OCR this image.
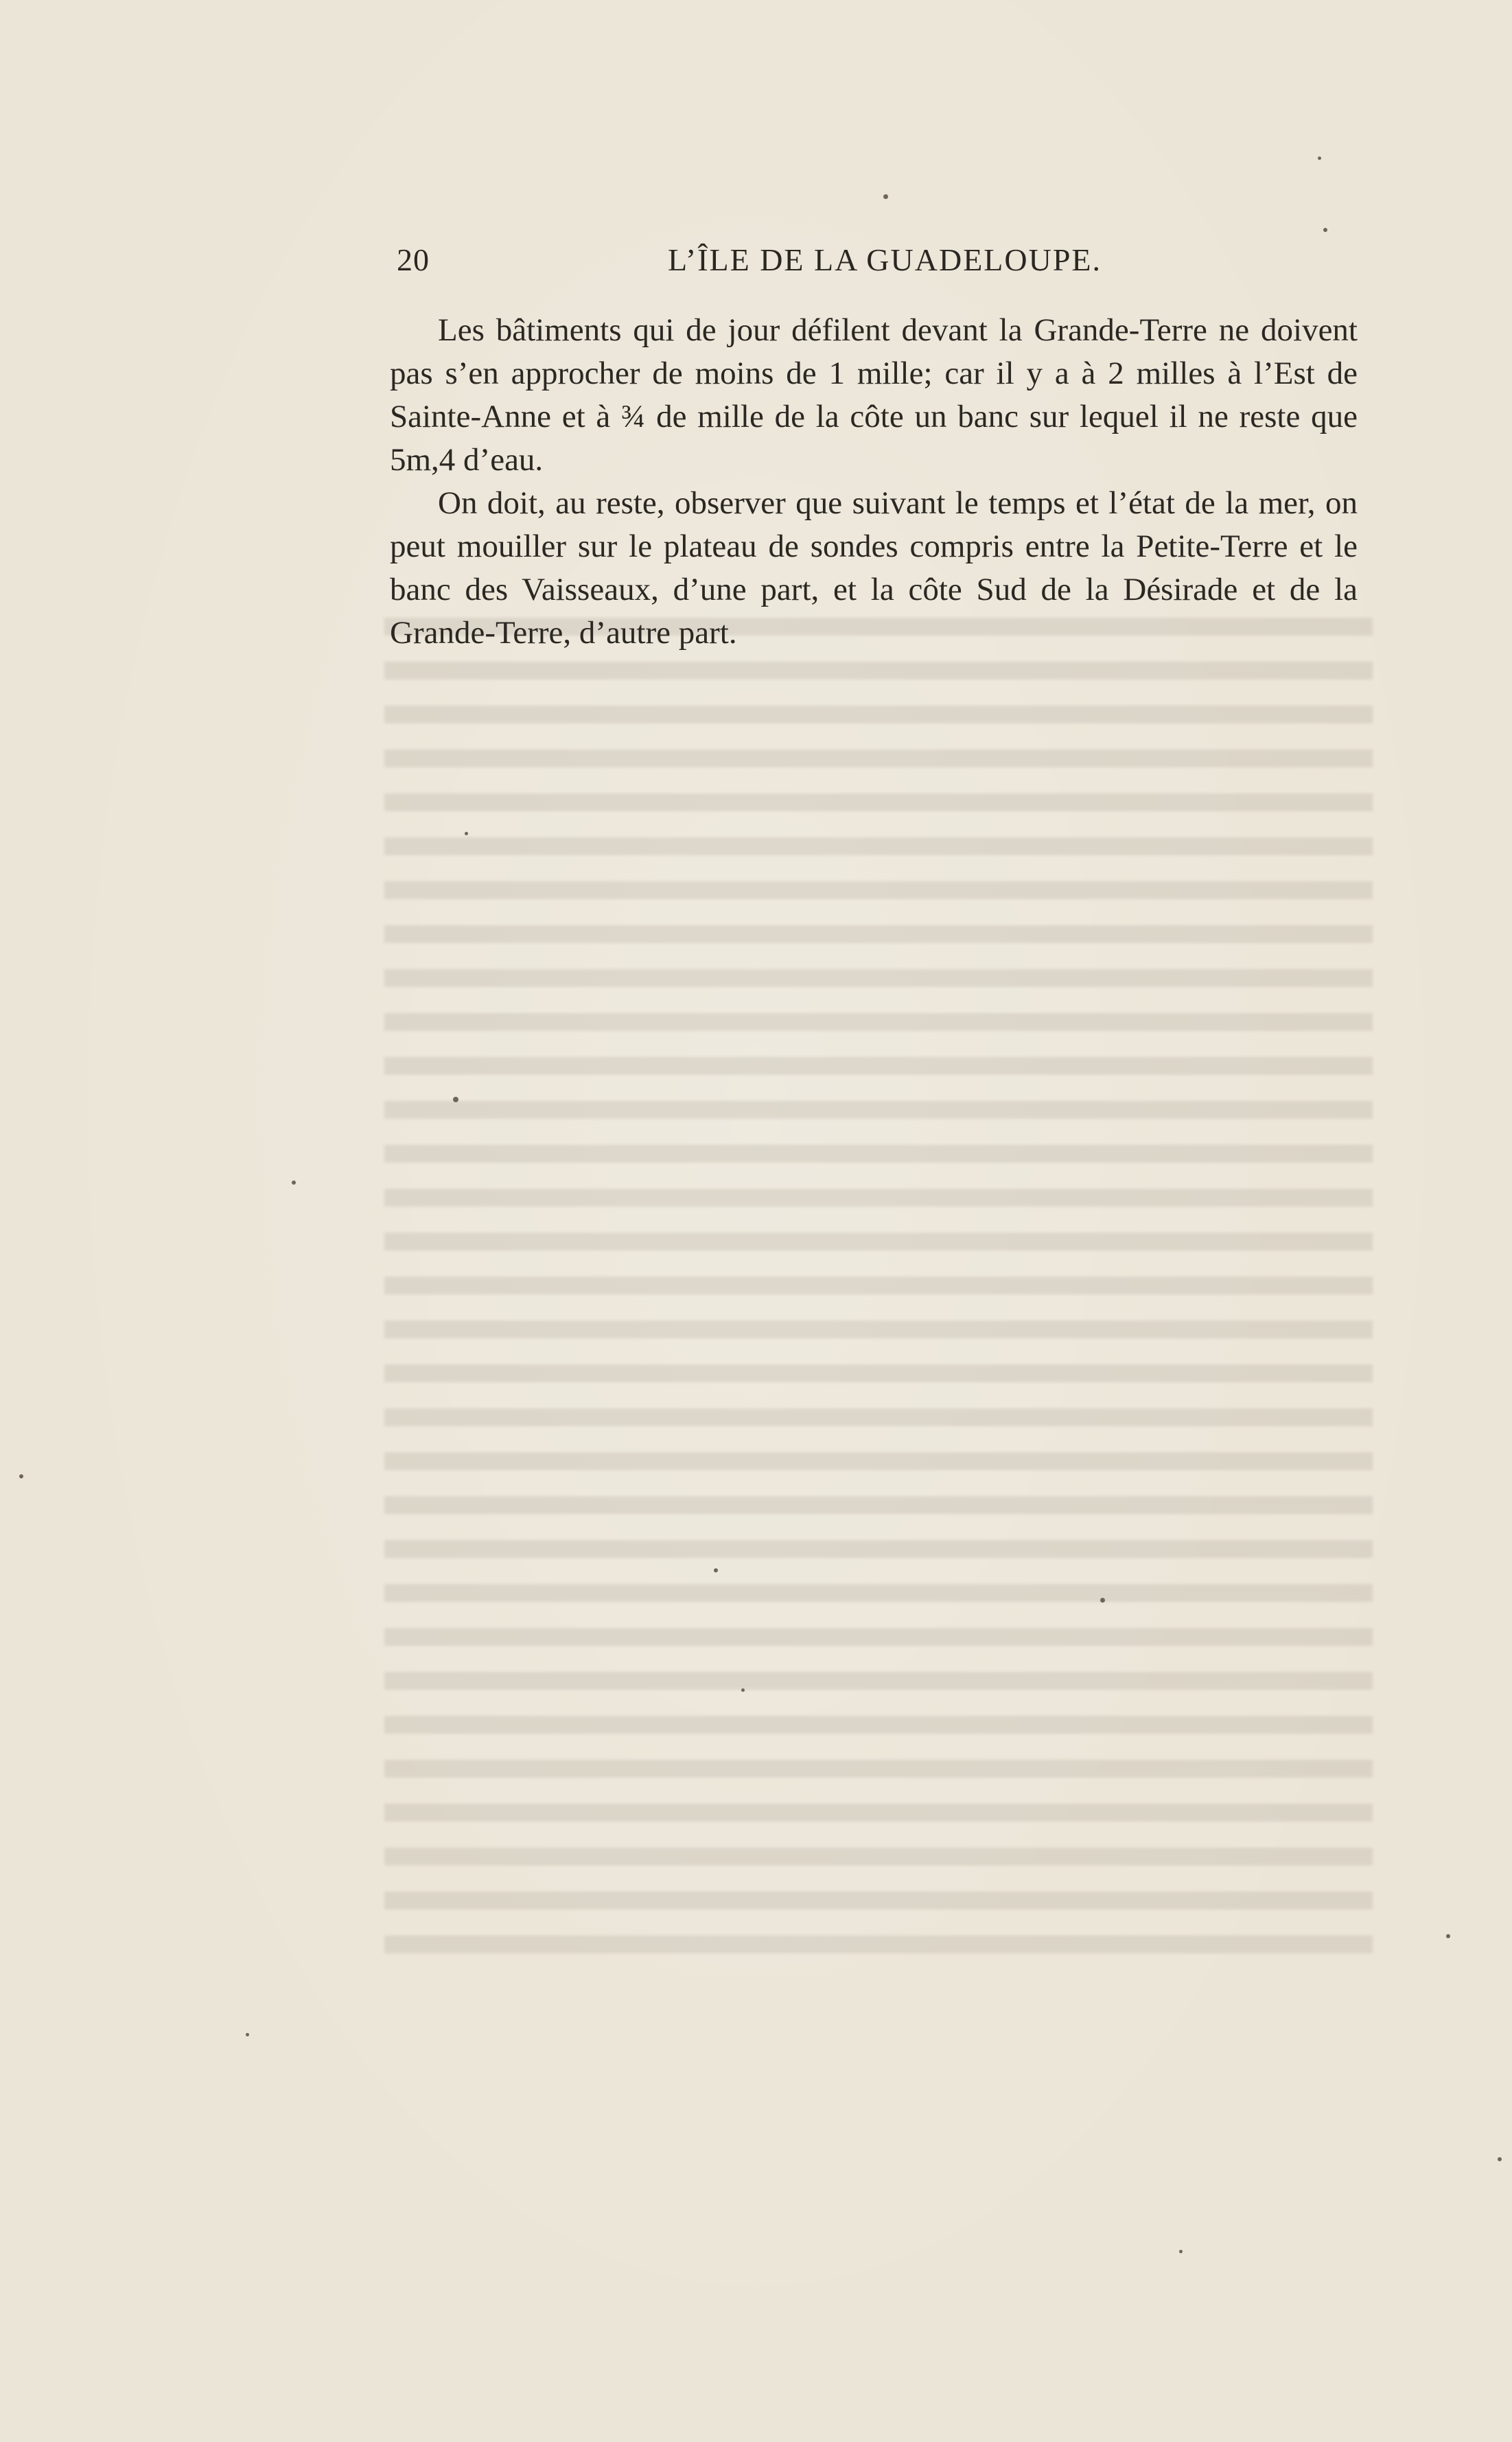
20	L’ÎLE DE LA GUADELOUPE.

Les bâtiments qui de jour défilent devant la Grande-Terre ne doivent pas s’en approcher de moins de 1 mille; car il y a à 2 milles à l’Est de Sainte-Anne et à ¾ de mille de la côte un banc sur lequel il ne reste que 5m,4 d’eau.

On doit, au reste, observer que suivant le temps et l’état de la mer, on peut mouiller sur le plateau de sondes compris entre la Petite-Terre et le banc des Vaisseaux, d’une part, et la côte Sud de la Désirade et de la Grande-Terre, d’autre part.
